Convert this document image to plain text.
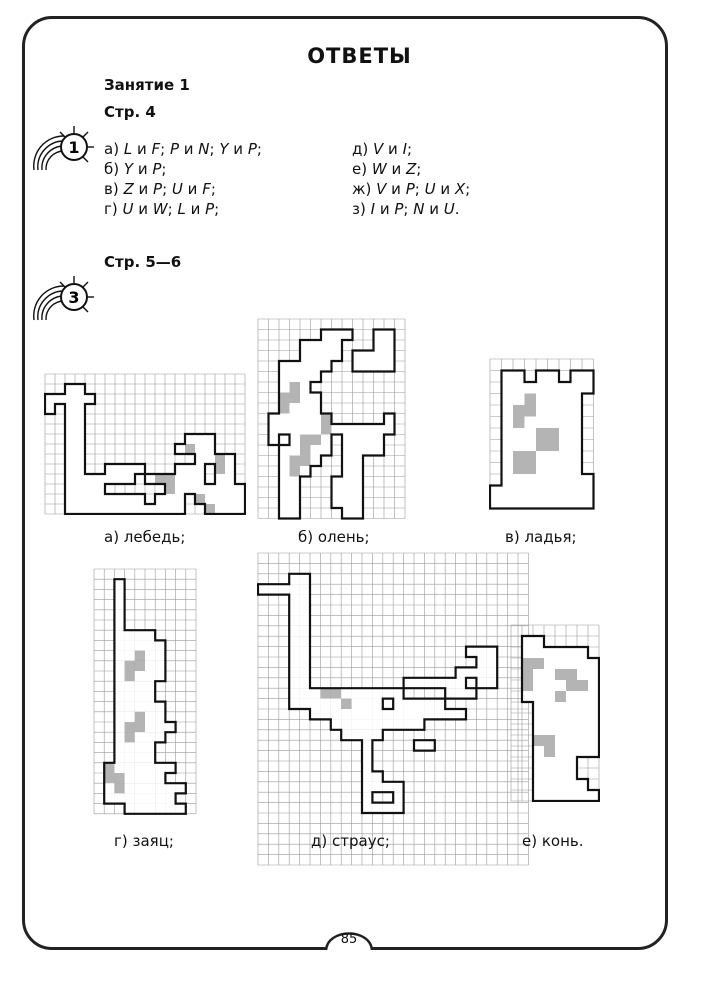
ОТВЕТЫ
Занятие 1
Стр. 4
Стр. 5—6
1
3
а) L и F; P и N; Y и P;
б) Y и P;
в) Z и P; U и F;
г) U и W; L и P;
д) V и I;
е) W и Z;
ж) V и P; U и X;
з) I и P; N и U.
а) лебедь;	б) олень;	в) ладья;
г) заяц;	д) страус;	е) конь.
85
